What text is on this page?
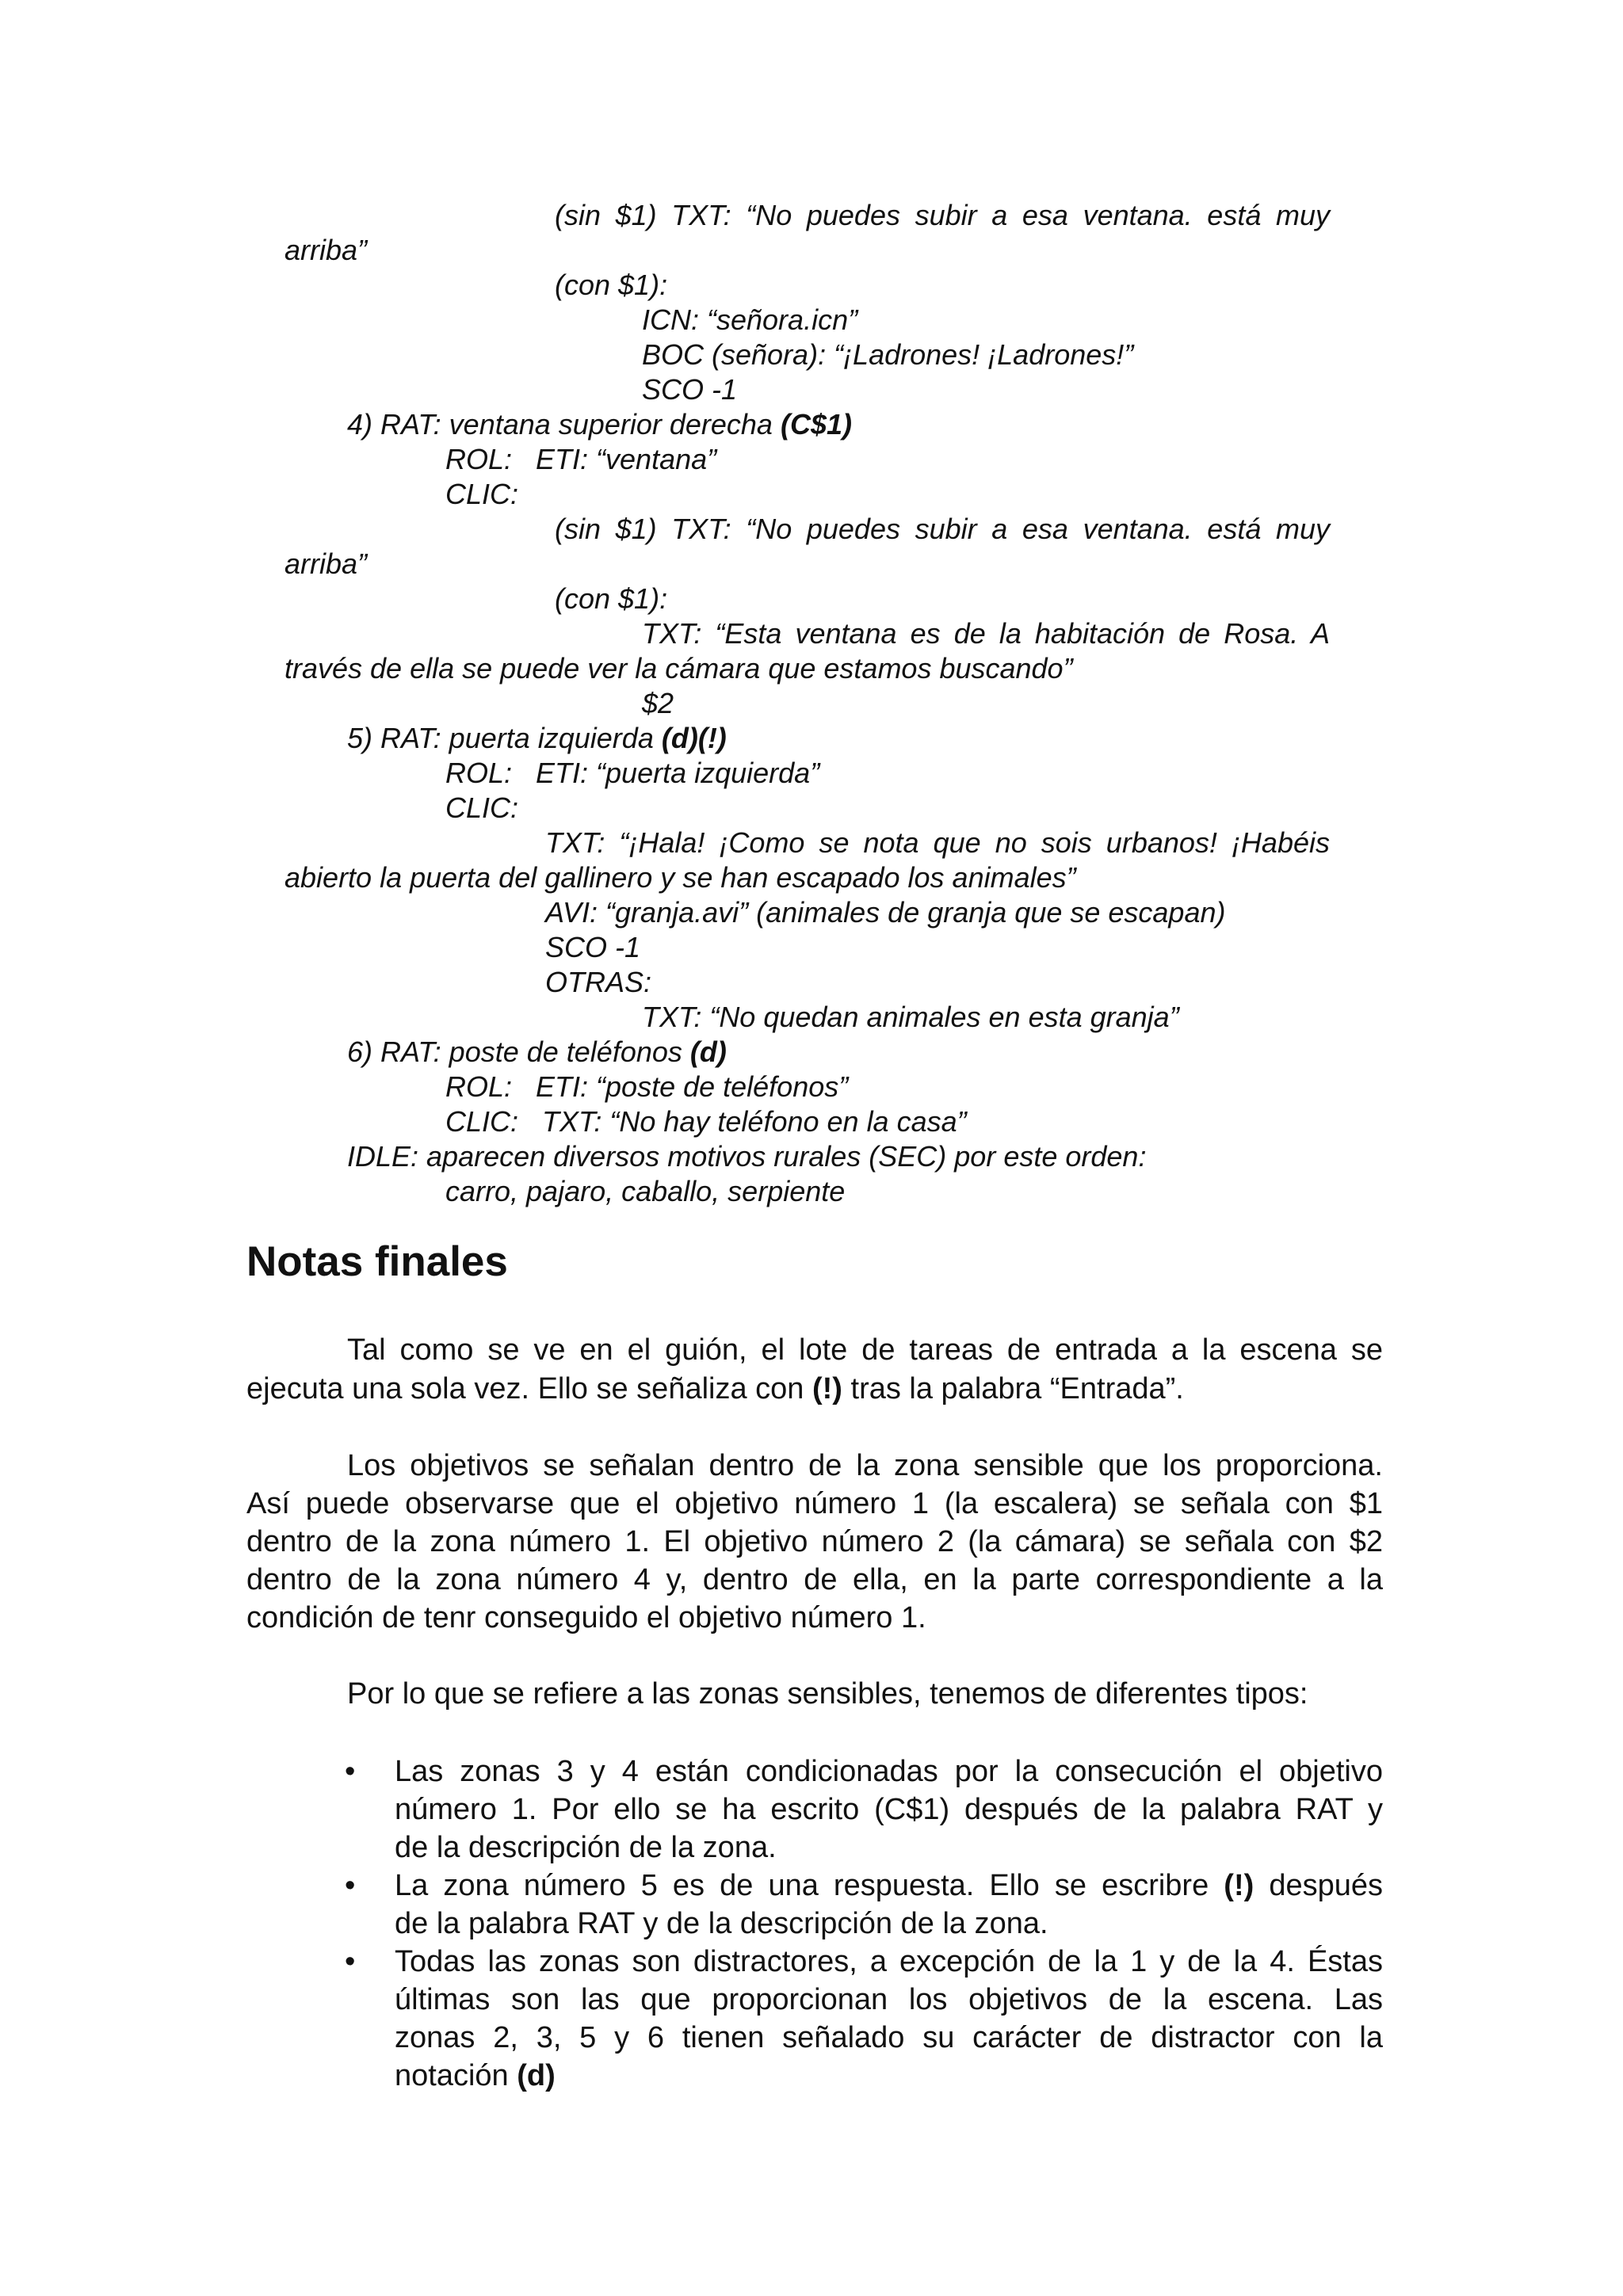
(sin $1) TXT: “No puedes subir a esa ventana. está muy
arriba”
(con $1):
ICN: “señora.icn”
BOC (señora): “¡Ladrones! ¡Ladrones!”
SCO -1
4) RAT: ventana superior derecha (C$1)
ROL:   ETI: “ventana”
CLIC:
(sin $1) TXT: “No puedes subir a esa ventana. está muy
arriba”
(con $1):
TXT: “Esta ventana es de la habitación de Rosa. A
través de ella se puede ver la cámara que estamos buscando”
$2
5) RAT: puerta izquierda (d)(!)
ROL:   ETI: “puerta izquierda”
CLIC:
TXT: “¡Hala! ¡Como se nota que no sois urbanos! ¡Habéis
abierto la puerta del gallinero y se han escapado los animales”
AVI: “granja.avi” (animales de granja que se escapan)
SCO -1
OTRAS:
TXT: “No quedan animales en esta granja”
6) RAT: poste de teléfonos (d)
ROL:   ETI: “poste de teléfonos”
CLIC:   TXT: “No hay teléfono en la casa”
IDLE: aparecen diversos motivos rurales (SEC) por este orden:
carro, pajaro, caballo, serpiente
Notas finales
Tal como se ve en el guión, el lote de tareas de entrada a la escena se
ejecuta una sola vez. Ello se señaliza con (!) tras la palabra “Entrada”.
Los objetivos se señalan dentro de la zona sensible que los proporciona.
Así puede observarse que el objetivo número 1 (la escalera) se señala con $1
dentro de la zona número 1. El objetivo número 2 (la cámara) se señala con $2
dentro de la zona número 4 y, dentro de ella, en la parte correspondiente a la
condición de tenr conseguido el objetivo número 1.
Por lo que se refiere a las zonas sensibles, tenemos de diferentes tipos:
• Las zonas 3 y 4 están condicionadas por la consecución el objetivo
número 1. Por ello se ha escrito (C$1) después de la palabra RAT y
de la descripción de la zona.
• La zona número 5 es de una respuesta. Ello se escribre (!) después
de la palabra RAT y de la descripción de la zona.
• Todas las zonas son distractores, a excepción de la 1 y de la 4. Éstas
últimas son las que proporcionan los objetivos de la escena. Las
zonas 2, 3, 5 y 6 tienen señalado su carácter de distractor con la
notación (d)
